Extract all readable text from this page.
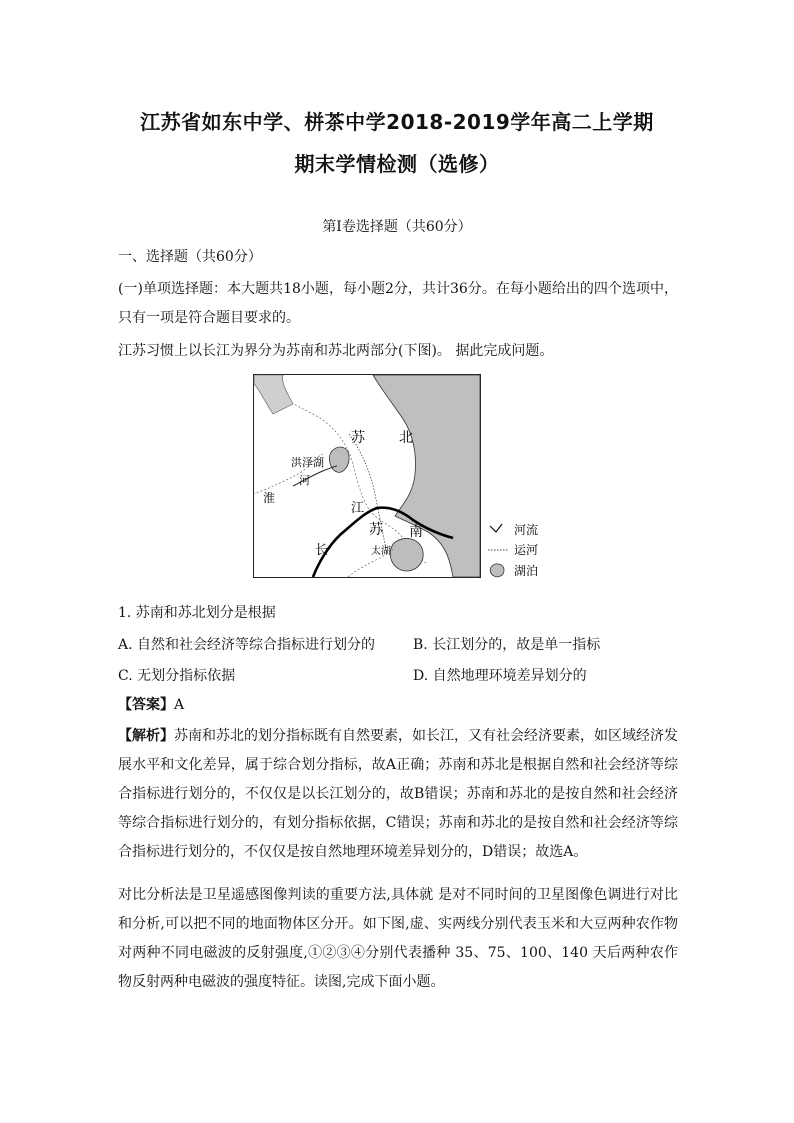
江苏省如东中学、栟茶中学2018-2019学年高二上学期
期末学情检测（选修）
第Ⅰ卷选择题（共60分）
一、选择题（共60分）
(一)单项选择题：本大题共18小题，每小题2分，共计36分。在每小题给出的四个选项中，只有一项是符合题目要求的。
江苏习惯上以长江为界分为苏南和苏北两部分(下图)。 据此完成问题。
苏 北
洪泽湖
河
淮
江
长
苏 南
太湖
河流
运河
湖泊
1. 苏南和苏北划分是根据
A. 自然和社会经济等综合指标进行划分的	B. 长江划分的，故是单一指标
C. 无划分指标依据	D. 自然地理环境差异划分的
【答案】A
【解析】苏南和苏北的划分指标既有自然要素，如长江，又有社会经济要素，如区域经济发展水平和文化差异，属于综合划分指标，故A正确；苏南和苏北是根据自然和社会经济等综合指标进行划分的，不仅仅是以长江划分的，故B错误；苏南和苏北的是按自然和社会经济等综合指标进行划分的，有划分指标依据，C错误；苏南和苏北的是按自然和社会经济等综合指标进行划分的，不仅仅是按自然地理环境差异划分的，D错误；故选A。
对比分析法是卫星遥感图像判读的重要方法,具体就 是对不同时间的卫星图像色调进行对比和分析,可以把不同的地面物体区分开。如下图,虚、实两线分别代表玉米和大豆两种农作物对两种不同电磁波的反射强度,①②③④分别代表播种 35、75、100、140 天后两种农作物反射两种电磁波的强度特征。读图,完成下面小题。
